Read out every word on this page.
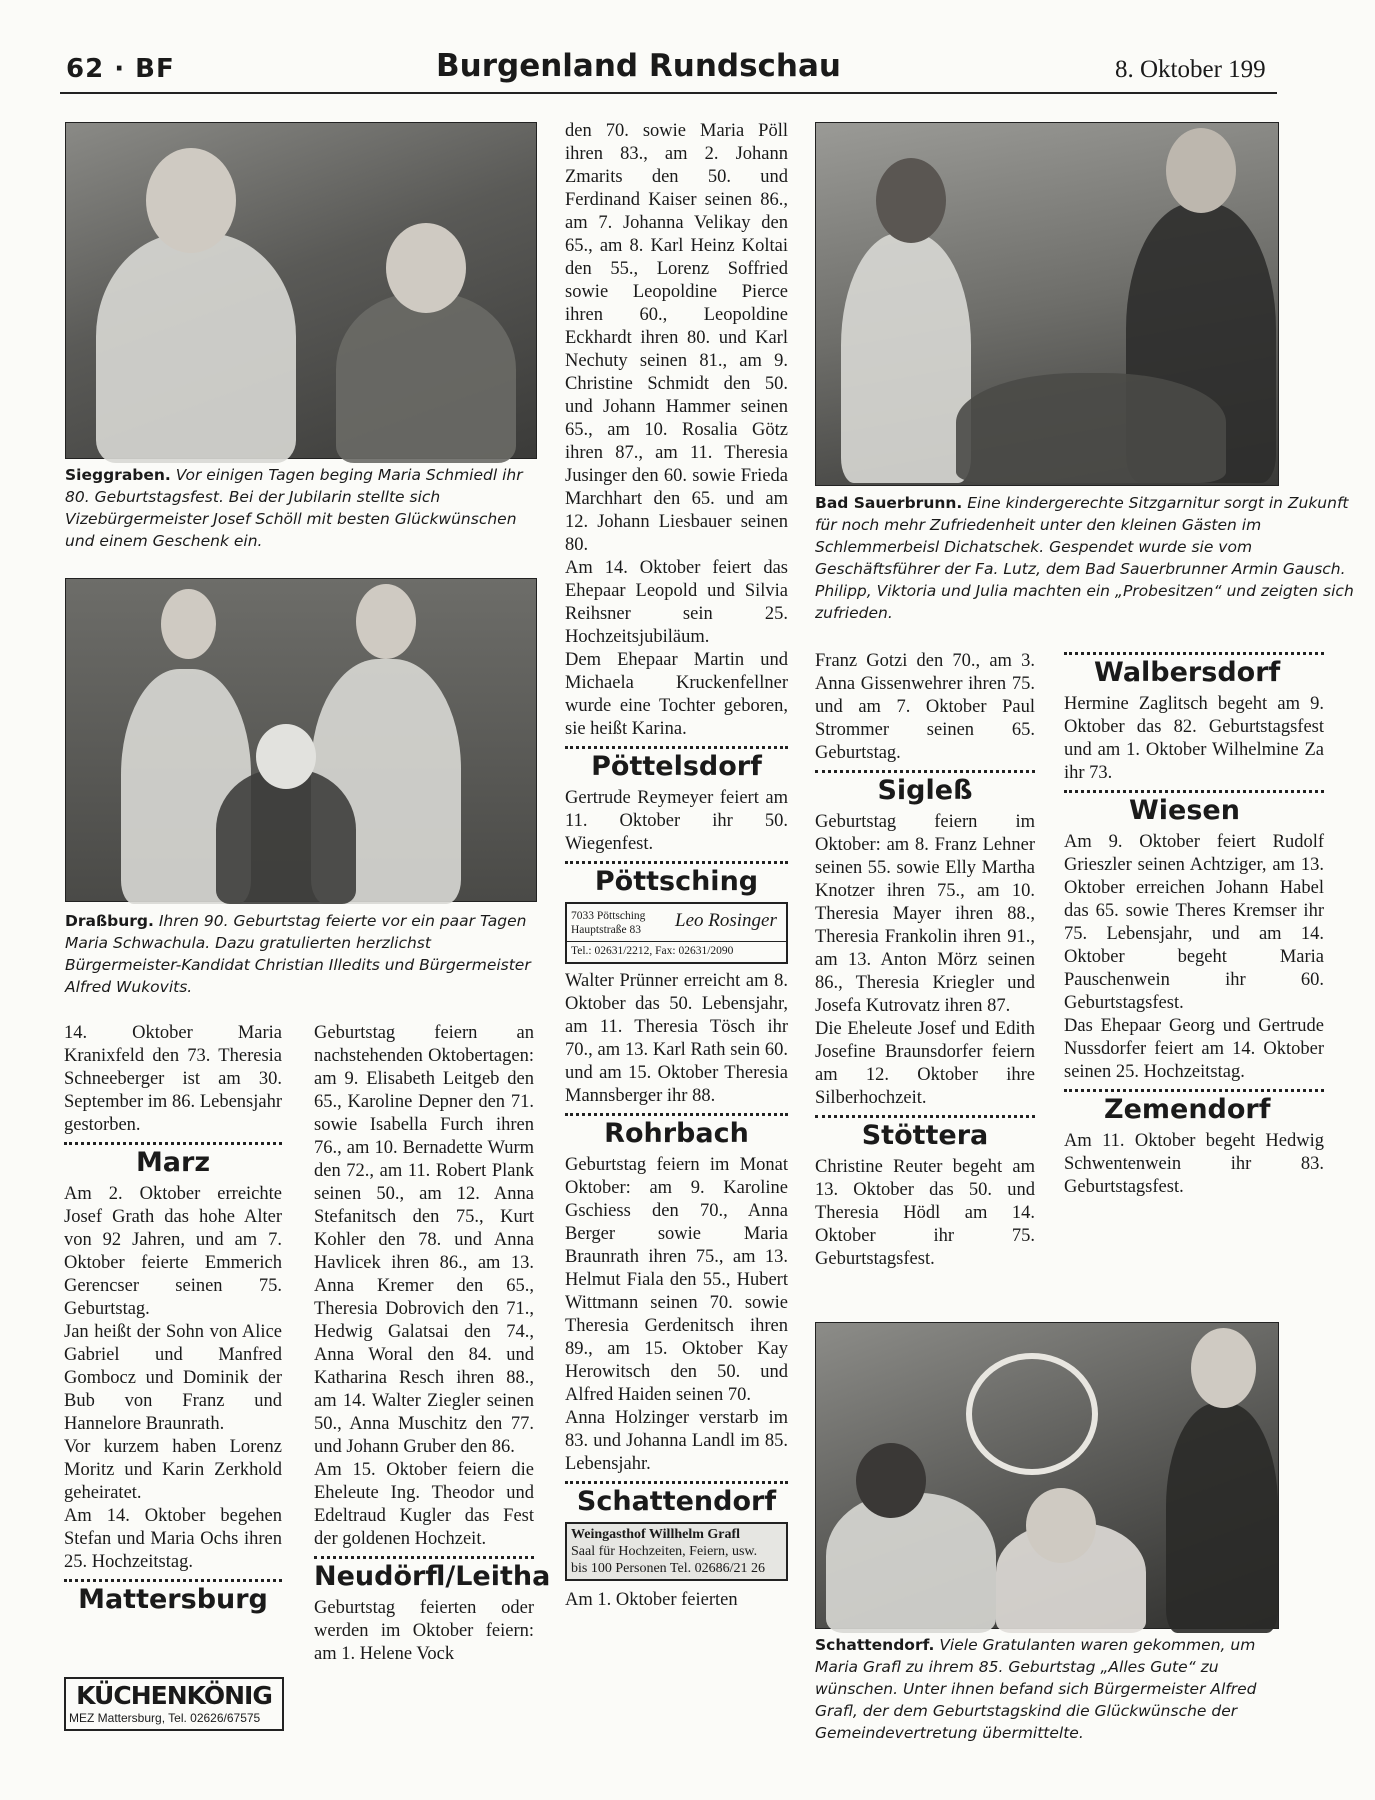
62 · BF	Burgenland Rundschau	8. Oktober 199
Sieggraben. Vor einigen Tagen beging Maria Schmiedl ihr 80. Geburtstagsfest. Bei der Jubilarin stellte sich Vizebürgermeister Josef Schöll mit besten Glückwünschen und einem Geschenk ein.
Draßburg. Ihren 90. Geburtstag feierte vor ein paar Tagen Maria Schwachula. Dazu gratulierten herzlichst Bürgermeister-Kandidat Christian Illedits und Bürgermeister Alfred Wukovits.

14. Oktober Maria Kranixfeld den 73. Theresia Schneeberger ist am 30. September im 86. Lebensjahr gestorben.

Marz

Am 2. Oktober erreichte Josef Grath das hohe Alter von 92 Jahren, und am 7. Oktober feierte Emmerich Gerencser seinen 75. Geburtstag.

Jan heißt der Sohn von Alice Gabriel und Manfred Gombocz und Dominik der Bub von Franz und Hannelore Braunrath.

Vor kurzem haben Lorenz Moritz und Karin Zerkhold geheiratet.

Am 14. Oktober begehen Stefan und Maria Ochs ihren 25. Hochzeitstag.

Mattersburg
KÜCHENKÖNIG
MEZ Mattersburg, Tel. 02626/67575

Geburtstag feiern an nachstehenden Oktobertagen: am 9. Elisabeth Leitgeb den 65., Karoline Depner den 71. sowie Isabella Furch ihren 76., am 10. Bernadette Wurm den 72., am 11. Robert Plank seinen 50., am 12. Anna Stefanitsch den 75., Kurt Kohler den 78. und Anna Havlicek ihren 86., am 13. Anna Kremer den 65., Theresia Dobrovich den 71., Hedwig Galatsai den 74., Anna Woral den 84. und Katharina Resch ihren 88., am 14. Walter Ziegler seinen 50., Anna Muschitz den 77. und Johann Gruber den 86.

Am 15. Oktober feiern die Eheleute Ing. Theodor und Edeltraud Kugler das Fest der goldenen Hochzeit.

Neudörfl/Leitha

Geburtstag feierten oder werden im Oktober feiern: am 1. Helene Vock

den 70. sowie Maria Pöll ihren 83., am 2. Johann Zmarits den 50. und Ferdinand Kaiser seinen 86., am 7. Johanna Velikay den 65., am 8. Karl Heinz Koltai den 55., Lorenz Soffried sowie Leopoldine Pierce ihren 60., Leopoldine Eckhardt ihren 80. und Karl Nechuty seinen 81., am 9. Christine Schmidt den 50. und Johann Hammer seinen 65., am 10. Rosalia Götz ihren 87., am 11. Theresia Jusinger den 60. sowie Frieda Marchhart den 65. und am 12. Johann Liesbauer seinen 80.

Am 14. Oktober feiert das Ehepaar Leopold und Silvia Reihsner sein 25. Hochzeitsjubiläum.

Dem Ehepaar Martin und Michaela Kruckenfellner wurde eine Tochter geboren, sie heißt Karina.

Pöttelsdorf

Gertrude Reymeyer feiert am 11. Oktober ihr 50. Wiegenfest.

Pöttsching
7033 Pöttsching
Hauptstraße 83 Leo Rosinger
Tel.: 02631/2212, Fax: 02631/2090

Walter Prünner erreicht am 8. Oktober das 50. Lebensjahr, am 11. Theresia Tösch ihr 70., am 13. Karl Rath sein 60. und am 15. Oktober Theresia Mannsberger ihr 88.

Rohrbach

Geburtstag feiern im Monat Oktober: am 9. Karoline Gschiess den 70., Anna Berger sowie Maria Braunrath ihren 75., am 13. Helmut Fiala den 55., Hubert Wittmann seinen 70. sowie Theresia Gerdenitsch ihren 89., am 15. Oktober Kay Herowitsch den 50. und Alfred Haiden seinen 70.

Anna Holzinger verstarb im 83. und Johanna Landl im 85. Lebensjahr.

Schattendorf
Weingasthof Willhelm Grafl
Saal für Hochzeiten, Feiern, usw.
bis 100 Personen Tel. 02686/21 26

Am 1. Oktober feierten

Bad Sauerbrunn. Eine kindergerechte Sitzgarnitur sorgt in Zukunft für noch mehr Zufriedenheit unter den kleinen Gästen im Schlemmerbeisl Dichatschek. Gespendet wurde sie vom Geschäftsführer der Fa. Lutz, dem Bad Sauerbrunner Armin Gausch. Philipp, Viktoria und Julia machten ein „Probesitzen“ und zeigten sich zufrieden.

Franz Gotzi den 70., am 3. Anna Gissenwehrer ihren 75. und am 7. Oktober Paul Strommer seinen 65. Geburtstag.

Sigleß

Geburtstag feiern im Oktober: am 8. Franz Lehner seinen 55. sowie Elly Martha Knotzer ihren 75., am 10. Theresia Mayer ihren 88., Theresia Frankolin ihren 91., am 13. Anton Mörz seinen 86., Theresia Kriegler und Josefa Kutrovatz ihren 87.

Die Eheleute Josef und Edith Josefine Braunsdorfer feiern am 12. Oktober ihre Silberhochzeit.

Stöttera

Christine Reuter begeht am 13. Oktober das 50. und Theresia Hödl am 14. Oktober ihr 75. Geburtstagsfest.

Walbersdorf

Hermine Zaglitsch begeht am 9. Oktober das 82. Geburtstagsfest und am 1. Oktober Wilhelmine Za ihr 73.

Wiesen

Am 9. Oktober feiert Rudolf Grieszler seinen Achtziger, am 13. Oktober erreichen Johann Habel das 65. sowie Theres Kremser ihr 75. Lebensjahr, und am 14. Oktober begeht Maria Pauschenwein ihr 60. Geburtstagsfest.

Das Ehepaar Georg und Gertrude Nussdorfer feiert am 14. Oktober seinen 25. Hochzeitstag.

Zemendorf

Am 11. Oktober begeht Hedwig Schwentenwein ihr 83. Geburtstagsfest.

Schattendorf. Viele Gratulanten waren gekommen, um Maria Grafl zu ihrem 85. Geburtstag „Alles Gute“ zu wünschen. Unter ihnen befand sich Bürgermeister Alfred Grafl, der dem Geburtstagskind die Glückwünsche der Gemeindevertretung übermittelte.
